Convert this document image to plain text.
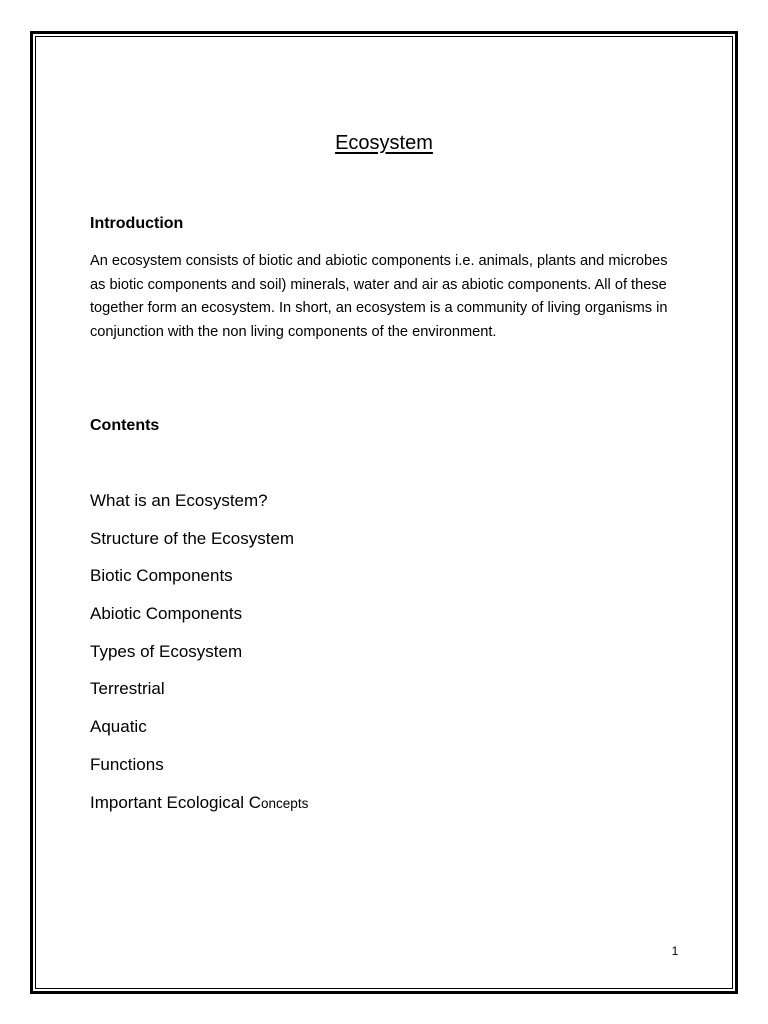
Ecosystem
Introduction

An ecosystem consists of biotic and abiotic components i.e. animals, plants and microbes as biotic components and soil) minerals, water and air as abiotic components. All of these together form an ecosystem. In short, an ecosystem is a community of living organisms in conjunction with the non living components of the environment.

Contents
What is an Ecosystem?
Structure of the Ecosystem
Biotic Components
Abiotic Components
Types of Ecosystem
Terrestrial
Aquatic
Functions
Important Ecological Concepts
1
